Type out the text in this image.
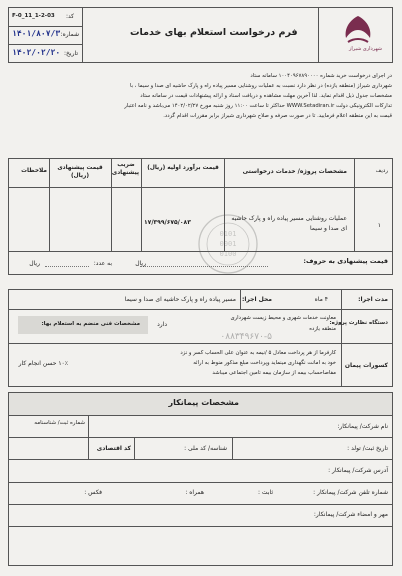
کد:
F-0_11_1-2-03
شماره:
۱۴۰۱/۸۰۷/۳
تاریخ:
۱۴۰۲/۰۲/۲۰
فرم درخواست استعلام بهای خدمات
شهرداری شیراز
در اجرای درخواست خرید شماره ۱۰۰۴۰۹۶۷۸۹۰۰۰۰ سامانه ستاد
شهرداری شیراز (منطقه یازده) در نظر دارد نسبت به عملیات روشنایی مسیر پیاده راه و پارک حاشیه ای صدا و سیما ، با
مشخصات جدول ذیل اقدام نماید. لذا آخرین مهلت مشاهده و دریافت اسناد و ارائه پیشنهادات قیمت در سامانه ستاد
تدارکات الکترونیکی دولت WWW.Setadiran.ir حداکثر تا ساعت ۱۱:۰۰ روز شنبه مورخ ۱۴۰۲/۰۲/۲۷ می‌باشد و نامه اعتبار
قیمت به این منطقه اعلام فرمایید. تا در صورت صرفه و صلاح شهرداری شیراز برابر مقررات اقدام گردد.
ردیف
مشخصات پروژه/ خدمات درخواستی
قیمت برآورد اولیه (ریال)
ضریب پیشنهادی
قیمت پیشنهادی (ریال)
ملاحظات
۱
عملیات روشنایی مسیر پیاده راه و پارک حاشیه ای صدا و سیما
۱۷/۳۹۹/۶۷۵/۰۸۳
قیمت پیشنهادی به حروف:
ریال
به عدد:
ریال
مدت اجرا:
۴ ماه
محل اجرا:
مسیر پیاده راه و پارک حاشیه ای صدا و سیما
دستگاه نظارت پروژه:
معاونت خدمات شهری و محیط زیست شهرداری
منطقه یازده
دارد
مشخصات فنی منضم به استعلام بها:
کسورات پیمان
کارفرما از هر پرداخت معادل ۵ /نیمه به عنوان علی الحساب کسر و نزد
خود به امانت نگهداری مینماید وپرداخت مبلغ مذکور منوط به ارائه
مفاصاحساب بیمه از سازمان بیمه تامین اجتماعی میباشد
۱۰٪ حسن انجام کار
مشخصات پیمانکار
نام شرکت/ پیمانکار:
شماره ثبت/ شناسنامه
تاریخ ثبت/ تولد :
شناسه/ کد ملی :
کد اقتصادی
آدرس شرکت/ پیمانکار :
شماره تلفن شرکت/ پیمانکار :
ثابت :
همراه :
فکس :
مهر و امضاء شرکت/ پیمانکار:
0101
0001
0100
۰۸۸۳۴۹۶۷۰-۵
